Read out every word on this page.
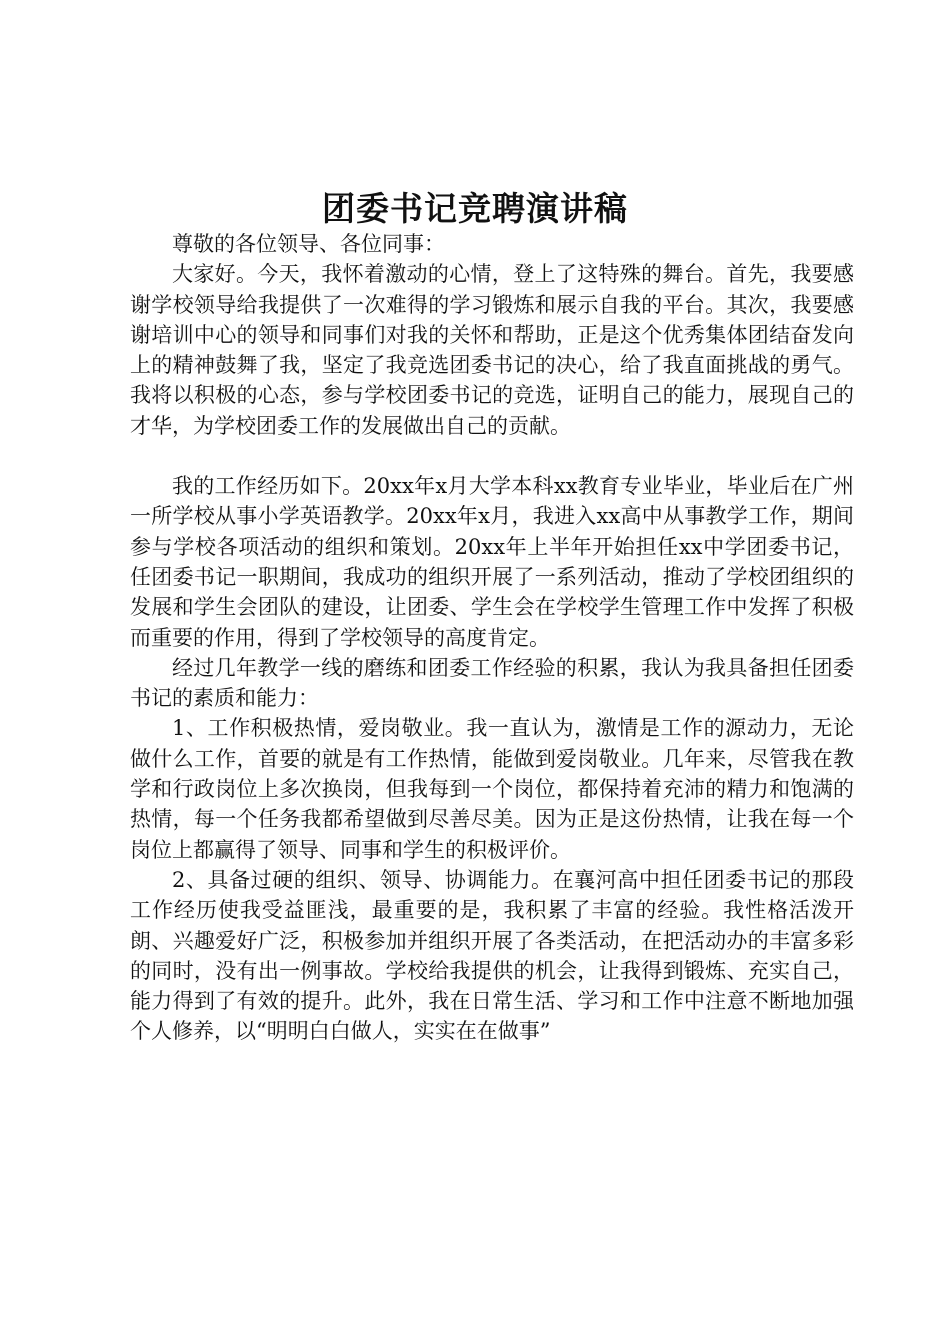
团委书记竞聘演讲稿

尊敬的各位领导、各位同事：

大家好。今天，我怀着激动的心情，登上了这特殊的舞台。首先，我要感谢学校领导给我提供了一次难得的学习锻炼和展示自我的平台。其次，我要感谢培训中心的领导和同事们对我的关怀和帮助，正是这个优秀集体团结奋发向上的精神鼓舞了我，坚定了我竞选团委书记的决心，给了我直面挑战的勇气。我将以积极的心态，参与学校团委书记的竞选，证明自己的能力，展现自己的才华，为学校团委工作的发展做出自己的贡献。

我的工作经历如下。20xx年x月大学本科xx教育专业毕业，毕业后在广州一所学校从事小学英语教学。20xx年x月，我进入xx高中从事教学工作，期间参与学校各项活动的组织和策划。20xx年上半年开始担任xx中学团委书记，任团委书记一职期间，我成功的组织开展了一系列活动，推动了学校团组织的发展和学生会团队的建设，让团委、学生会在学校学生管理工作中发挥了积极而重要的作用，得到了学校领导的高度肯定。

经过几年教学一线的磨练和团委工作经验的积累，我认为我具备担任团委书记的素质和能力：

1、工作积极热情，爱岗敬业。我一直认为，激情是工作的源动力，无论做什么工作，首要的就是有工作热情，能做到爱岗敬业。几年来，尽管我在教学和行政岗位上多次换岗，但我每到一个岗位，都保持着充沛的精力和饱满的热情，每一个任务我都希望做到尽善尽美。因为正是这份热情，让我在每一个岗位上都赢得了领导、同事和学生的积极评价。

2、具备过硬的组织、领导、协调能力。在襄河高中担任团委书记的那段工作经历使我受益匪浅，最重要的是，我积累了丰富的经验。我性格活泼开朗、兴趣爱好广泛，积极参加并组织开展了各类活动，在把活动办的丰富多彩的同时，没有出一例事故。学校给我提供的机会，让我得到锻炼、充实自己，能力得到了有效的提升。此外，我在日常生活、学习和工作中注意不断地加强个人修养，以“明明白白做人，实实在在做事”
